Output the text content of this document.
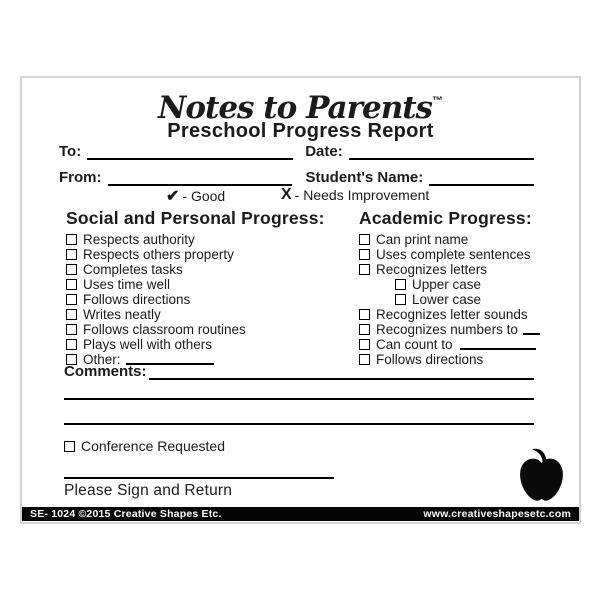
Notes to Parents™
Preschool Progress Report
To:	Date:
From:	Student's Name:
✔ - Good	X - Needs Improvement
Social and Personal Progress:
Respects authority
Respects others property
Completes tasks
Uses time well
Follows directions
Writes neatly
Follows classroom routines
Plays well with others
Other:
Academic Progress:
Can print name
Uses complete sentences
Recognizes letters
Upper case
Lower case
Recognizes letter sounds
Recognizes numbers to
Can count to
Follows directions
Comments:
Conference Requested
Please Sign and Return
SE- 1024 ©2015 Creative Shapes Etc.	www.creativeshapesetc.com
